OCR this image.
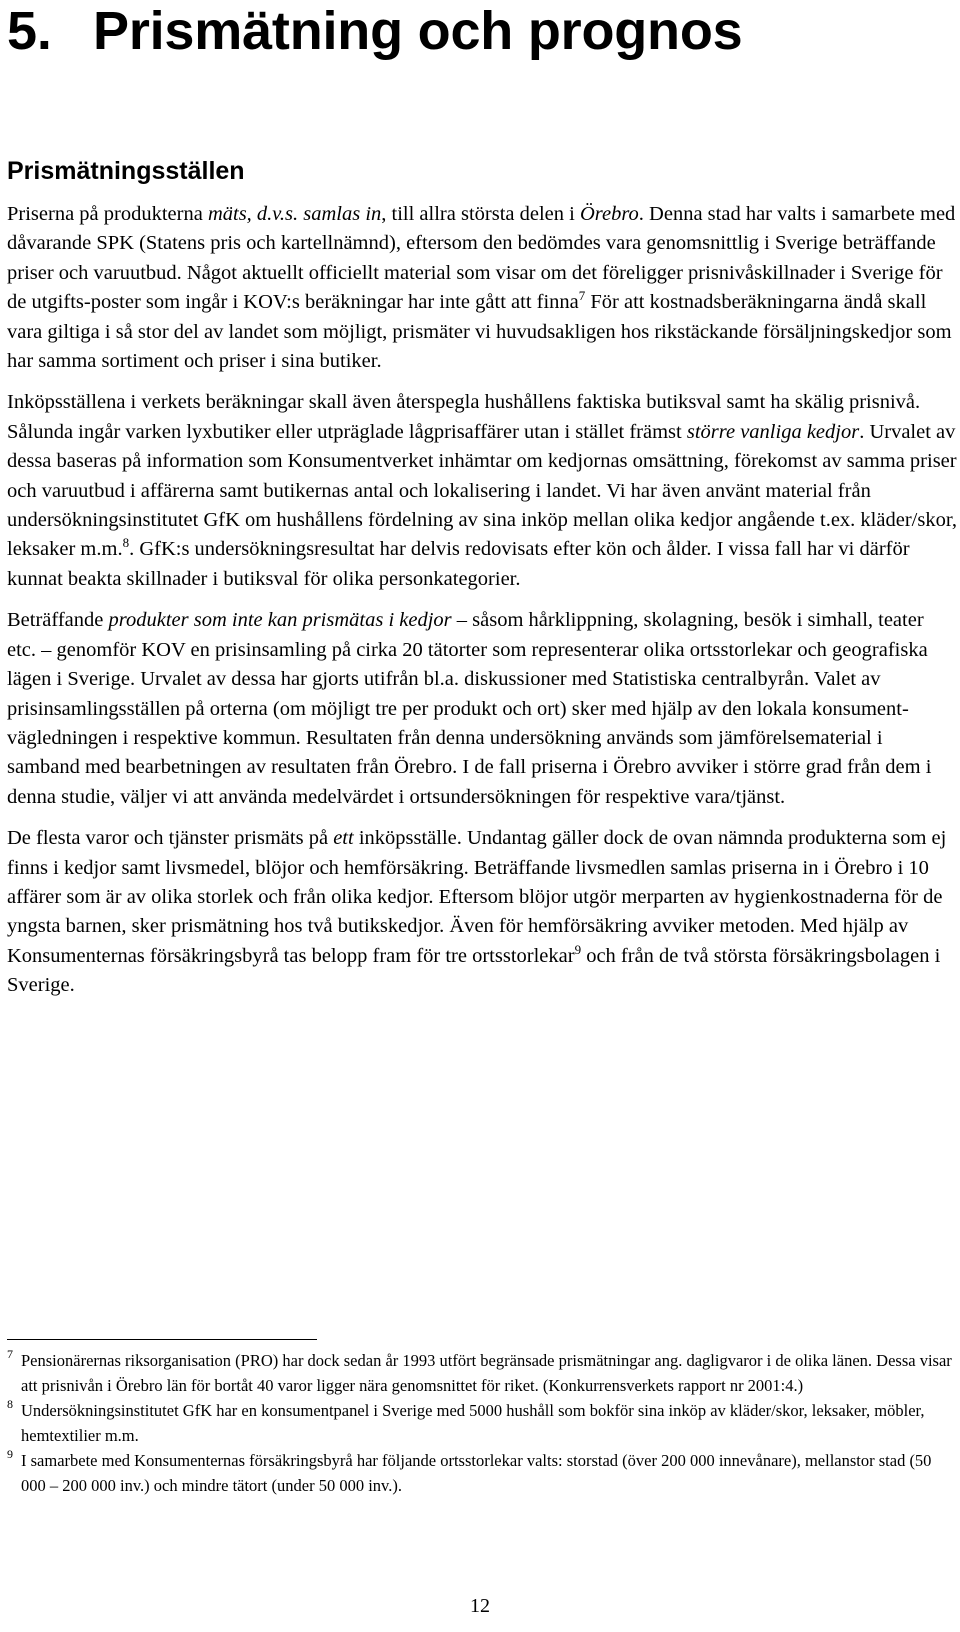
5. Prismätning och prognos
Prismätningsställen

Priserna på produkterna mäts, d.v.s. samlas in, till allra största delen i Örebro. Denna stad har valts i samarbete med dåvarande SPK (Statens pris och kartellnämnd), eftersom den bedömdes vara genomsnittlig i Sverige beträffande priser och varuutbud. Något aktuellt officiellt material som visar om det föreligger prisnivåskillnader i Sverige för de utgifts-poster som ingår i KOV:s beräkningar har inte gått att finna$^7$ För att kostnadsberäkningarna ändå skall vara giltiga i så stor del av landet som möjligt, prismäter vi huvudsakligen hos rikstäckande försäljningskedjor som har samma sortiment och priser i sina butiker.

Inköpsställena i verkets beräkningar skall även återspegla hushållens faktiska butiksval samt ha skälig prisnivå. Sålunda ingår varken lyxbutiker eller utpräglade lågprisaffärer utan i stället främst större vanliga kedjor. Urvalet av dessa baseras på information som Konsumentverket inhämtar om kedjornas omsättning, förekomst av samma priser och varuutbud i affärerna samt butikernas antal och lokalisering i landet. Vi har även använt material från undersökningsinstitutet GfK om hushållens fördelning av sina inköp mellan olika kedjor angående t.ex. kläder/skor, leksaker m.m.$^8$. GfK:s undersökningsresultat har delvis redovisats efter kön och ålder. I vissa fall har vi därför kunnat beakta skillnader i butiksval för olika personkategorier.

Beträffande produkter som inte kan prismätas i kedjor – såsom hårklippning, skolagning, besök i simhall, teater etc. – genomför KOV en prisinsamling på cirka 20 tätorter som representerar olika ortsstorlekar och geografiska lägen i Sverige. Urvalet av dessa har gjorts utifrån bl.a. diskussioner med Statistiska centralbyrån. Valet av prisinsamlingsställen på orterna (om möjligt tre per produkt och ort) sker med hjälp av den lokala konsument-vägledningen i respektive kommun. Resultaten från denna undersökning används som jämförelsematerial i samband med bearbetningen av resultaten från Örebro. I de fall priserna i Örebro avviker i större grad från dem i denna studie, väljer vi att använda medelvärdet i ortsundersökningen för respektive vara/tjänst.

De flesta varor och tjänster prismäts på ett inköpsställe. Undantag gäller dock de ovan nämnda produkterna som ej finns i kedjor samt livsmedel, blöjor och hemförsäkring. Beträffande livsmedlen samlas priserna in i Örebro i 10 affärer som är av olika storlek och från olika kedjor. Eftersom blöjor utgör merparten av hygienkostnaderna för de yngsta barnen, sker prismätning hos två butikskedjor. Även för hemförsäkring avviker metoden. Med hjälp av Konsumenternas försäkringsbyrå tas belopp fram för tre ortsstorlekar$^9$ och från de två största försäkringsbolagen i Sverige.

7 Pensionärernas riksorganisation (PRO) har dock sedan år 1993 utfört begränsade prismätningar ang. dagligvaror i de olika länen. Dessa visar att prisnivån i Örebro län för bortåt 40 varor ligger nära genomsnittet för riket. (Konkurrensverkets rapport nr 2001:4.)
8 Undersökningsinstitutet GfK har en konsumentpanel i Sverige med 5000 hushåll som bokför sina inköp av kläder/skor, leksaker, möbler, hemtextilier m.m.
9 I samarbete med Konsumenternas försäkringsbyrå har följande ortsstorlekar valts: storstad (över 200 000 innevånare), mellanstor stad (50 000 – 200 000 inv.) och mindre tätort (under 50 000 inv.).
12
